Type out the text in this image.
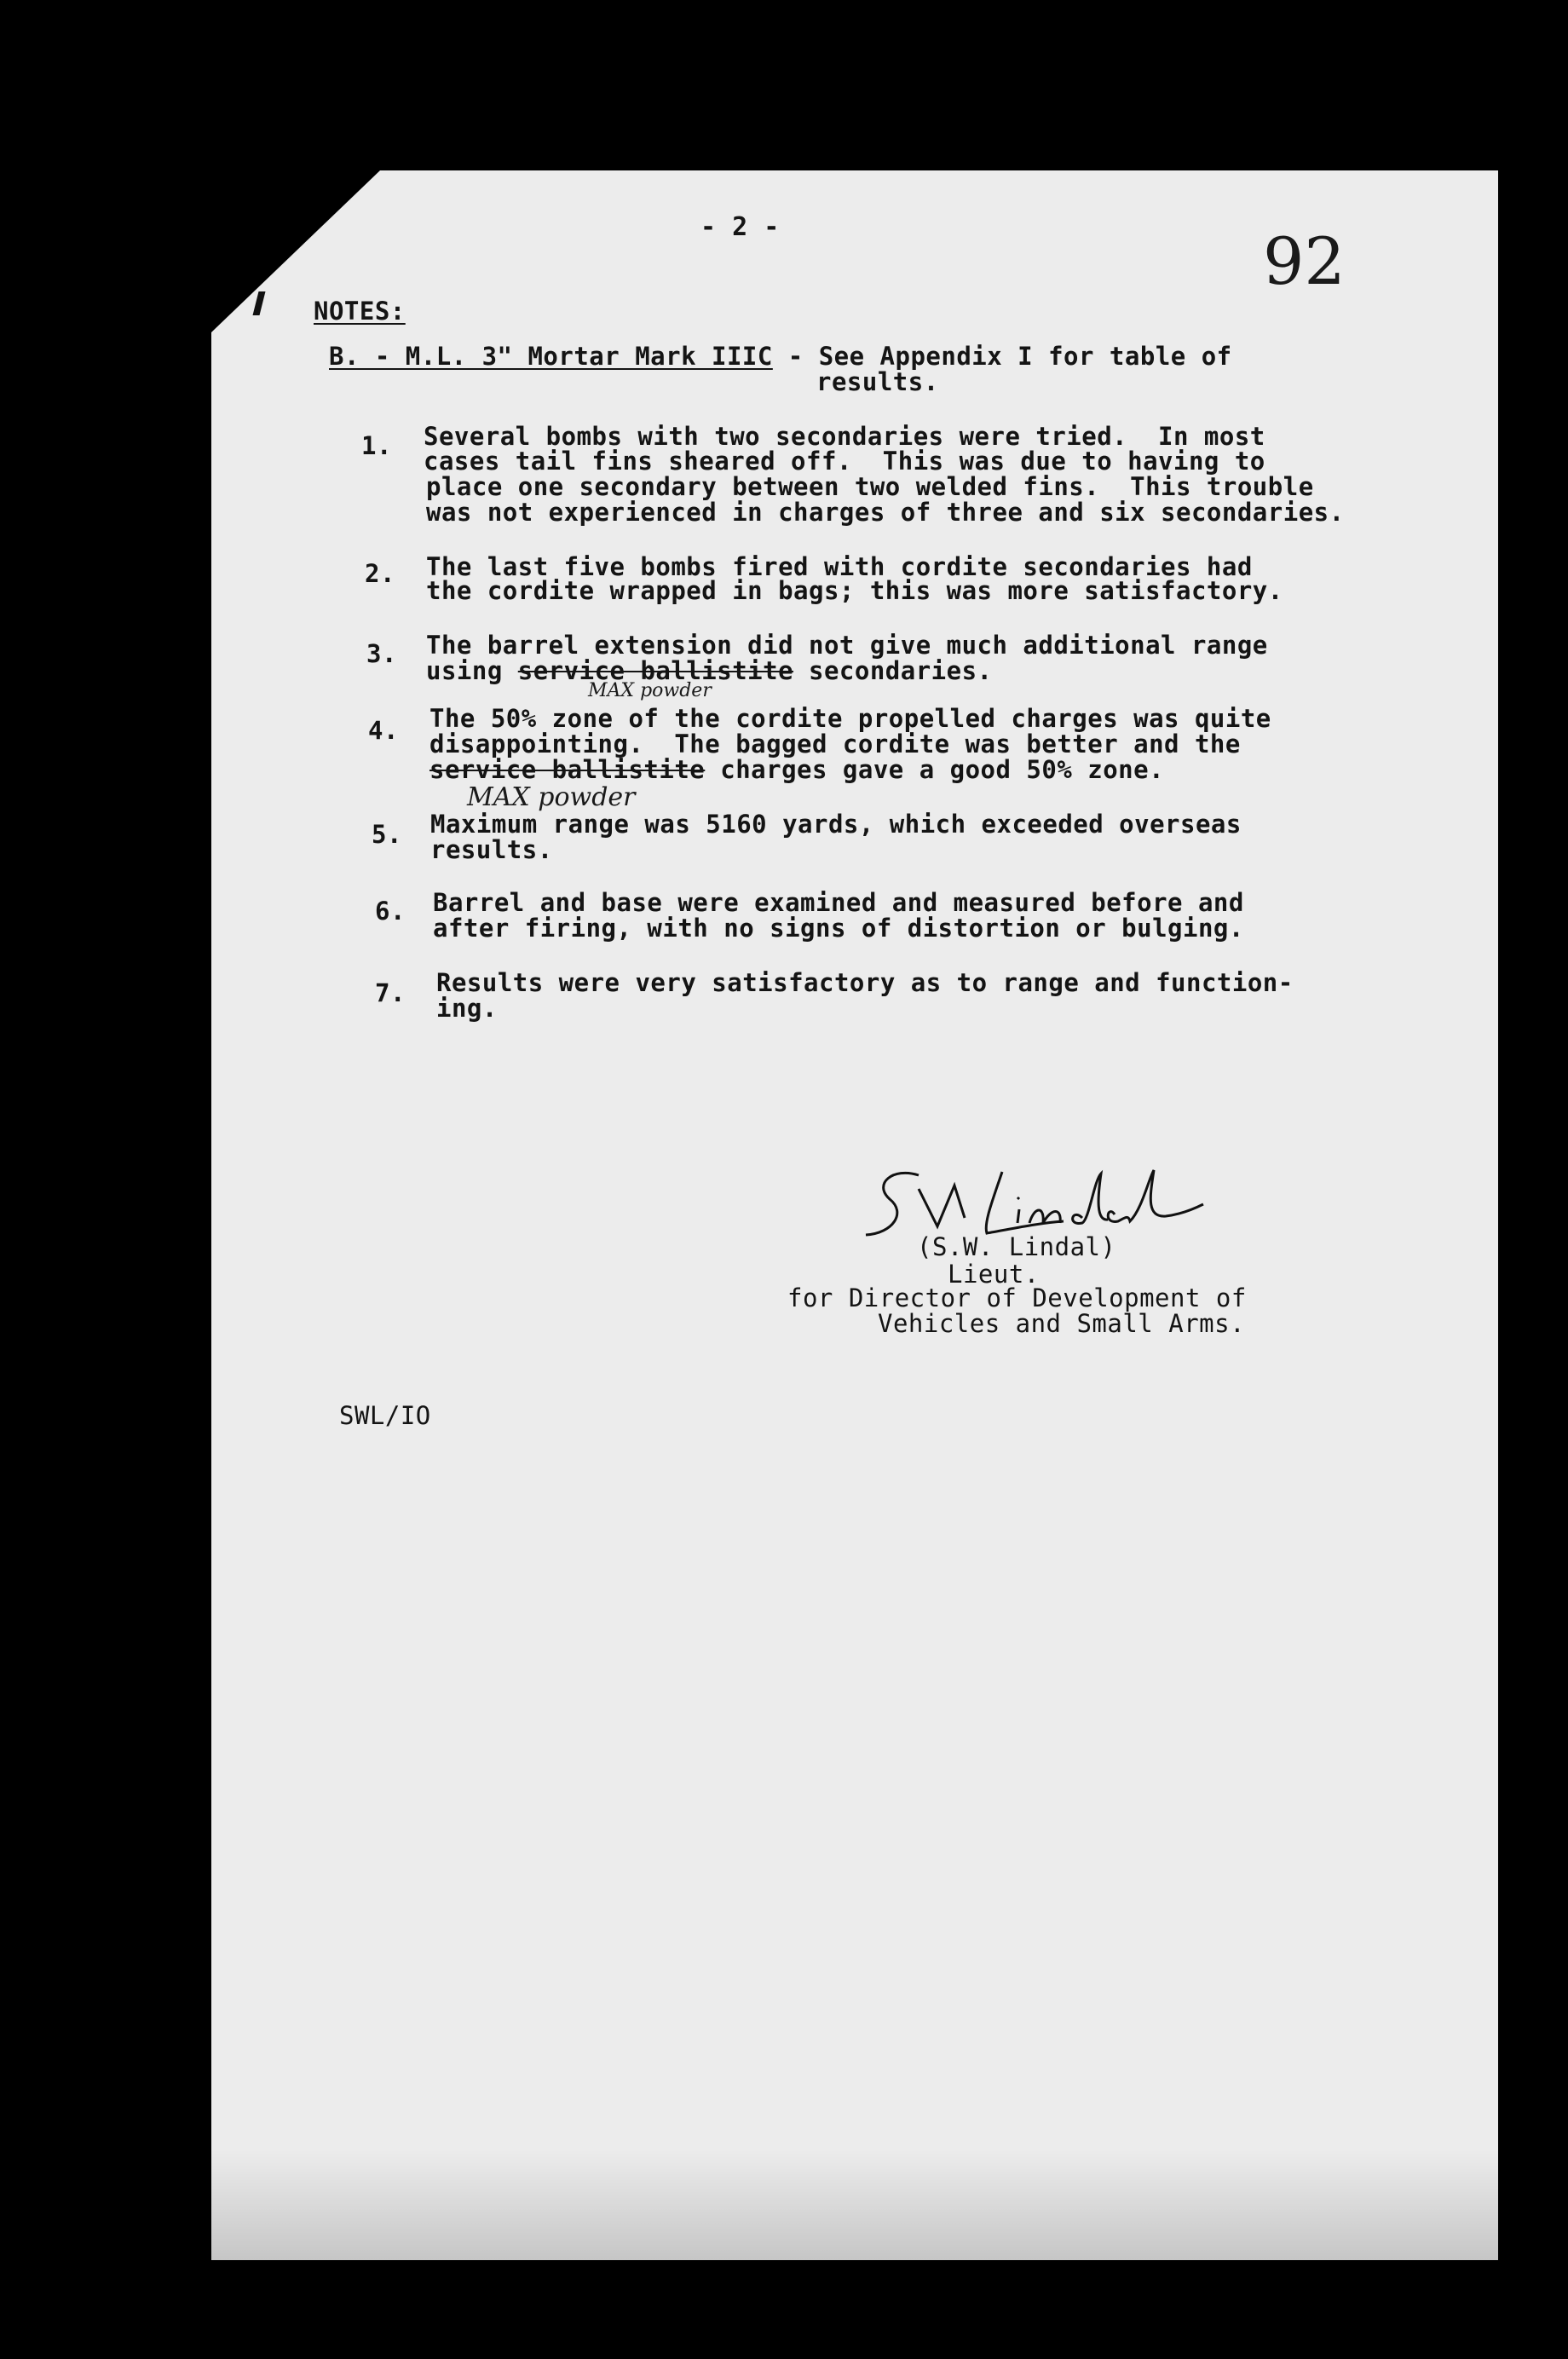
- 2 -	92
NOTES:
B. - M.L. 3" Mortar Mark IIIC - See Appendix I for table of
results.
1. Several bombs with two secondaries were tried.  In most
cases tail fins sheared off.  This was due to having to
place one secondary between two welded fins.  This trouble
was not experienced in charges of three and six secondaries.
2. The last five bombs fired with cordite secondaries had
the cordite wrapped in bags; this was more satisfactory.
3. The barrel extension did not give much additional range
using service ballistite secondaries.
MAX powder
4. The 50% zone of the cordite propelled charges was quite
disappointing.  The bagged cordite was better and the
service ballistite charges gave a good 50% zone.
MAX powder
5. Maximum range was 5160 yards, which exceeded overseas
results.
6. Barrel and base were examined and measured before and
after firing, with no signs of distortion or bulging.
7. Results were very satisfactory as to range and function-
ing.
(S.W. Lindal)
Lieut.
for Director of Development of
Vehicles and Small Arms.
SWL/IO
